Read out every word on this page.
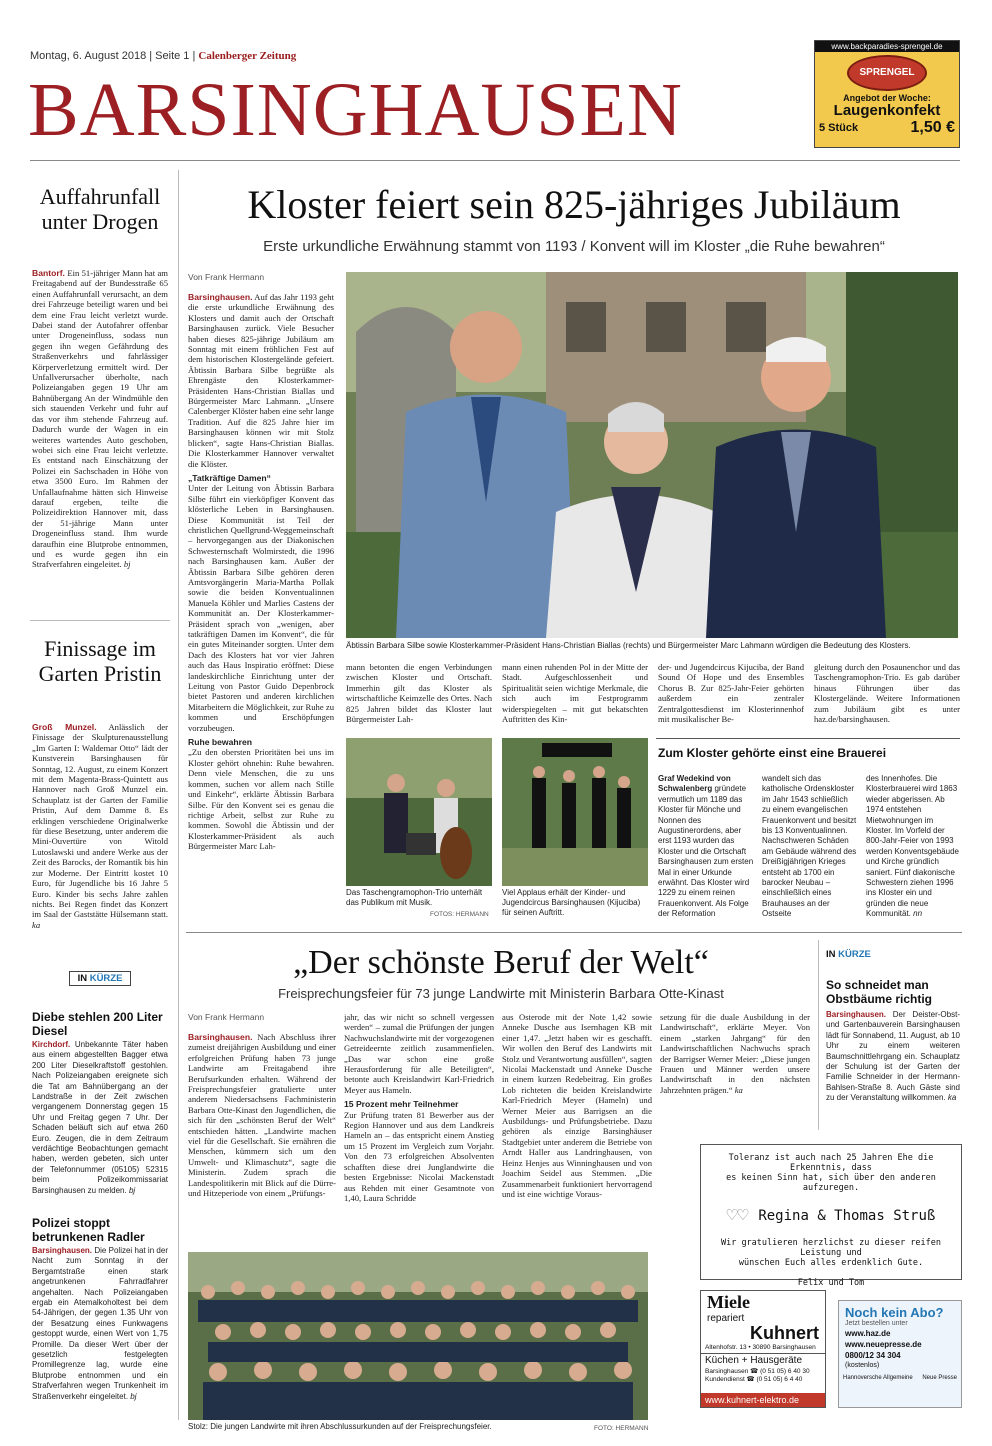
Montag, 6. August 2018 | Seite 1 | Calenberger Zeitung
BARSINGHAUSEN
www.backparadies-sprengel.de
SPRENGEL
Angebot der Woche:
Laugenkonfekt
5 Stück	1,50 €
Auffahrunfall unter Drogen
Bantorf. Ein 51-jähriger Mann hat am Freitagabend auf der Bundesstraße 65 einen Auffahrunfall verursacht, an dem drei Fahrzeuge beteiligt waren und bei dem eine Frau leicht verletzt wurde. Dabei stand der Autofahrer offenbar unter Drogeneinfluss, sodass nun gegen ihn wegen Gefährdung des Straßenverkehrs und fahrlässiger Körperverletzung ermittelt wird. Der Unfallverursacher überholte, nach Polizeiangaben gegen 19 Uhr am Bahnübergang An der Windmühle den sich stauenden Verkehr und fuhr auf das vor ihm stehende Fahrzeug auf. Dadurch wurde der Wagen in ein weiteres wartendes Auto geschoben, wobei sich eine Frau leicht verletzte. Es entstand nach Einschätzung der Polizei ein Sachschaden in Höhe von etwa 3500 Euro. Im Rahmen der Unfallaufnahme hätten sich Hinweise darauf ergeben, teilte die Polizeidirektion Hannover mit, dass der 51-jährige Mann unter Drogeneinfluss stand. Ihm wurde daraufhin eine Blutprobe entnommen, und es wurde gegen ihn ein Strafverfahren eingeleitet. bj
Finissage im Garten Pristin
Groß Munzel. Anlässlich der Finissage der Skulpturenausstellung „Im Garten I: Waldemar Otto“ lädt der Kunstverein Barsinghausen für Sonntag, 12. August, zu einem Konzert mit dem Magenta-Brass-Quintett aus Hannover nach Groß Munzel ein. Schauplatz ist der Garten der Familie Pristin, Auf dem Damme 8. Es erklingen verschiedene Originalwerke für diese Besetzung, unter anderem die Mini-Ouvertüre von Witold Lutoslawski und andere Werke aus der Zeit des Barocks, der Romantik bis hin zur Moderne. Der Eintritt kostet 10 Euro, für Jugendliche bis 16 Jahre 5 Euro. Kinder bis sechs Jahre zahlen nichts. Bei Regen findet das Konzert im Saal der Gaststätte Hülsemann statt. ka
IN KÜRZE
Diebe stehlen 200 Liter Diesel
Kirchdorf. Unbekannte Täter haben aus einem abgestellten Bagger etwa 200 Liter Dieselkraftstoff gestohlen. Nach Polizeiangaben ereignete sich die Tat am Bahnübergang an der Landstraße in der Zeit zwischen vergangenem Donnerstag gegen 15 Uhr und Freitag gegen 7 Uhr. Der Schaden beläuft sich auf etwa 260 Euro. Zeugen, die in dem Zeitraum verdächtige Beobachtungen gemacht haben, werden gebeten, sich unter der Telefonnummer (05105) 52315 beim Polizeikommissariat Barsinghausen zu melden. bj
Polizei stoppt betrunkenen Radler
Barsinghausen. Die Polizei hat in der Nacht zum Sonntag in der Bergamtstraße einen stark angetrunkenen Fahrradfahrer angehalten. Nach Polizeiangaben ergab ein Atemalkoholtest bei dem 54-Jährigen, der gegen 1.35 Uhr von der Besatzung eines Funkwagens gestoppt wurde, einen Wert von 1,75 Promille. Da dieser Wert über der gesetzlich festgelegten Promillegrenze lag, wurde eine Blutprobe entnommen und ein Strafverfahren wegen Trunkenheit im Straßenverkehr eingeleitet. bj
Kloster feiert sein 825-jähriges Jubiläum
Erste urkundliche Erwähnung stammt von 1193 / Konvent will im Kloster „die Ruhe bewahren“
Von Frank Hermann
Barsinghausen. Auf das Jahr 1193 geht die erste urkundliche Erwähnung des Klosters und damit auch der Ortschaft Barsinghausen zurück. Viele Besucher haben dieses 825-jährige Jubiläum am Sonntag mit einem fröhlichen Fest auf dem historischen Klostergelände gefeiert. Äbtissin Barbara Silbe begrüßte als Ehrengäste den Klosterkammer-Präsidenten Hans-Christian Biallas und Bürgermeister Marc Lahmann. „Unsere Calenberger Klöster haben eine sehr lange Tradition. Auf die 825 Jahre hier im Barsinghausen können wir mit Stolz blicken“, sagte Hans-Christian Biallas. Die Klosterkammer Hannover verwaltet die Klöster.
„Tatkräftige Damen“
Unter der Leitung von Äbtissin Barbara Silbe führt ein vierköpfiger Konvent das klösterliche Leben in Barsinghausen. Diese Kommunität ist Teil der christlichen Quellgrund-Weggemeinschaft – hervorgegangen aus der Diakonischen Schwesternschaft Wolmirstedt, die 1996 nach Barsinghausen kam. Außer der Äbtissin Barbara Silbe gehören deren Amtsvorgängerin Maria-Martha Pollak sowie die beiden Konventualinnen Manuela Köhler und Marlies Castens der Kommunität an. Der Klosterkammer-Präsident sprach von „wenigen, aber tatkräftigen Damen im Konvent“, die für ein gutes Miteinander sorgten. Unter dem Dach des Klosters hat vor vier Jahren auch das Haus Inspiratio eröffnet: Diese landeskirchliche Einrichtung unter der Leitung von Pastor Guido Depenbrock bietet Pastoren und anderen kirchlichen Mitarbeitern die Möglichkeit, zur Ruhe zu kommen und Erschöpfungen vorzubeugen.
Ruhe bewahren
„Zu den obersten Prioritäten bei uns im Kloster gehört ohnehin: Ruhe bewahren. Denn viele Menschen, die zu uns kommen, suchen vor allem nach Stille und Einkehr“, erklärte Äbtissin Barbara Silbe. Für den Konvent sei es genau die richtige Arbeit, selbst zur Ruhe zu kommen. Sowohl die Äbtissin und der Klosterkammer-Präsident als auch Bürgermeister Marc Lah-
Äbtissin Barbara Silbe sowie Klosterkammer-Präsident Hans-Christian Biallas (rechts) und Bürgermeister Marc Lahmann würdigen die Bedeutung des Klosters.
mann betonten die engen Verbindungen zwischen Kloster und Ortschaft. Immerhin gilt das Kloster als wirtschaftliche Keimzelle des Ortes. Nach 825 Jahren bildet das Kloster laut Bürgermeister Lah-
mann einen ruhenden Pol in der Mitte der Stadt. Aufgeschlossenheit und Spiritualität seien wichtige Merkmale, die sich auch im Festprogramm widerspiegelten – mit gut bekatschten Auftritten des Kin-
der- und Jugendcircus Kijuciba, der Band Sound Of Hope und des Ensembles Chorus B. Zur 825-Jahr-Feier gehörten außerdem ein zentraler Zentralgottesdienst im Klosterinnenhof mit musikalischer Be-
gleitung durch den Posaunenchor und das Taschengramophon-Trio. Es gab darüber hinaus Führungen über das Klostergelände. Weitere Informationen zum Jubiläum gibt es unter haz.de/barsinghausen.
Das Taschengramophon-Trio unterhält das Publikum mit Musik.
FOTOS: HERMANN
Viel Applaus erhält der Kinder- und Jugendcircus Barsinghausen (Kijuciba) für seinen Auftritt.
Zum Kloster gehörte einst eine Brauerei
Graf Wedekind von Schwalenberg gründete vermutlich um 1189 das Kloster für Mönche und Nonnen des Augustinerordens, aber erst 1193 wurden das Kloster und die Ortschaft Barsinghausen zum ersten Mal in einer Urkunde erwähnt. Das Kloster wird 1229 zu einem reinen Frauenkonvent. Als Folge der Reformation
wandelt sich das katholische Ordenskloster im Jahr 1543 schließlich zu einem evangelischen Frauenkonvent und besitzt bis 13 Konventualinnen. Nachschweren Schäden am Gebäude während des Dreißigjährigen Krieges entsteht ab 1700 ein barocker Neubau – einschließlich eines Brauhauses an der Ostseite
des Innenhofes. Die Klosterbrauerei wird 1863 wieder abgerissen. Ab 1974 entstehen Mietwohnungen im Kloster. Im Vorfeld der 800-Jahr-Feier von 1993 werden Konventsgebäude und Kirche gründlich saniert. Fünf diakonische Schwestern ziehen 1996 ins Kloster ein und gründen die neue Kommunität. nn
„Der schönste Beruf der Welt“
Freisprechungsfeier für 73 junge Landwirte mit Ministerin Barbara Otte-Kinast
Von Frank Hermann
Barsinghausen. Nach Abschluss ihrer zumeist dreijährigen Ausbildung und einer erfolgreichen Prüfung haben 73 junge Landwirte am Freitagabend ihre Berufsurkunden erhalten. Während der Freisprechungsfeier gratulierte unter anderem Niedersachsens Fachministerin Barbara Otte-Kinast den Jugendlichen, die sich für den „schönsten Beruf der Welt“ entschieden hätten. „Landwirte machen viel für die Gesellschaft. Sie ernähren die Menschen, kümmern sich um den Umwelt- und Klimaschutz“, sagte die Ministerin. Zudem sprach die Landespolitikerin mit Blick auf die Dürre- und Hitzeperiode von einem „Prüfungs-
jahr, das wir nicht so schnell vergessen werden“ – zumal die Prüfungen der jungen Nachwuchslandwirte mit der vorgezogenen Getreideernte zeitlich zusammenfielen. „Das war schon eine große Herausforderung für alle Beteiligten“, betonte auch Kreislandwirt Karl-Friedrich Meyer aus Hameln.
15 Prozent mehr Teilnehmer
Zur Prüfung traten 81 Bewerber aus der Region Hannover und aus dem Landkreis Hameln an – das entspricht einem Anstieg um 15 Prozent im Vergleich zum Vorjahr. Von den 73 erfolgreichen Absolventen schafften diese drei Junglandwirte die besten Ergebnisse: Nicolai Mackenstadt aus Rehden mit einer Gesamtnote von 1,40, Laura Schridde
aus Osterode mit der Note 1,42 sowie Anneke Dusche aus Isernhagen KB mit einer 1,47. „Jetzt haben wir es geschafft. Wir wollen den Beruf des Landwirts mit Stolz und Verantwortung ausfüllen“, sagten Nicolai Mackenstadt und Anneke Dusche in einem kurzen Redebeitrag. Ein großes Lob richteten die beiden Kreislandwirte Karl-Friedrich Meyer (Hameln) und Werner Meier aus Barrigsen an die Ausbildungs- und Prüfungsbetriebe. Dazu gehören als einzige Barsinghäuser Stadtgebiet unter anderem die Betriebe von Arndt Haller aus Landringhausen, von Heinz Henjes aus Winninghausen und von Joachim Seidel aus Stemmen. „Die Zusammenarbeit funktioniert hervorragend und ist eine wichtige Voraus-
setzung für die duale Ausbildung in der Landwirtschaft“, erklärte Meyer. Von einem „starken Jahrgang“ für den Landwirtschaftlichen Nachwuchs sprach der Barrigser Werner Meier: „Diese jungen Frauen und Männer werden unsere Landwirtschaft in den nächsten Jahrzehnten prägen.“ ka
Stolz: Die jungen Landwirte mit ihren Abschlussurkunden auf der Freisprechungsfeier.	FOTO: HERMANN
IN KÜRZE
So schneidet man Obstbäume richtig
Barsinghausen. Der Deister-Obst- und Gartenbauverein Barsinghausen lädt für Sonnabend, 11. August, ab 10 Uhr zu einem weiteren Baumschnittlehrgang ein. Schauplatz der Schulung ist der Garten der Familie Schneider in der Hermann-Bahlsen-Straße 8. Auch Gäste sind zu der Veranstaltung willkommen. ka
Toleranz ist auch nach 25 Jahren Ehe die Erkenntnis, dass
es keinen Sinn hat, sich über den anderen aufzuregen.
♡♡ Regina & Thomas Struß
Wir gratulieren herzlichst zu dieser reifen Leistung und
wünschen Euch alles erdenklich Gute.
Felix und Tom
Miele
repariert
Kuhnert
Altenhofstr. 13 • 30890 Barsinghausen
Küchen + Hausgeräte
Barsinghausen ☎ (0 51 05) 6 40 30
Kundendienst ☎ (0 51 05) 6 4 40
www.kuhnert-elektro.de
Noch kein Abo?
Jetzt bestellen unter
www.haz.de
www.neuepresse.de
0800/12 34 304
(kostenlos)
Hannoversche Allgemeine Neue Presse
